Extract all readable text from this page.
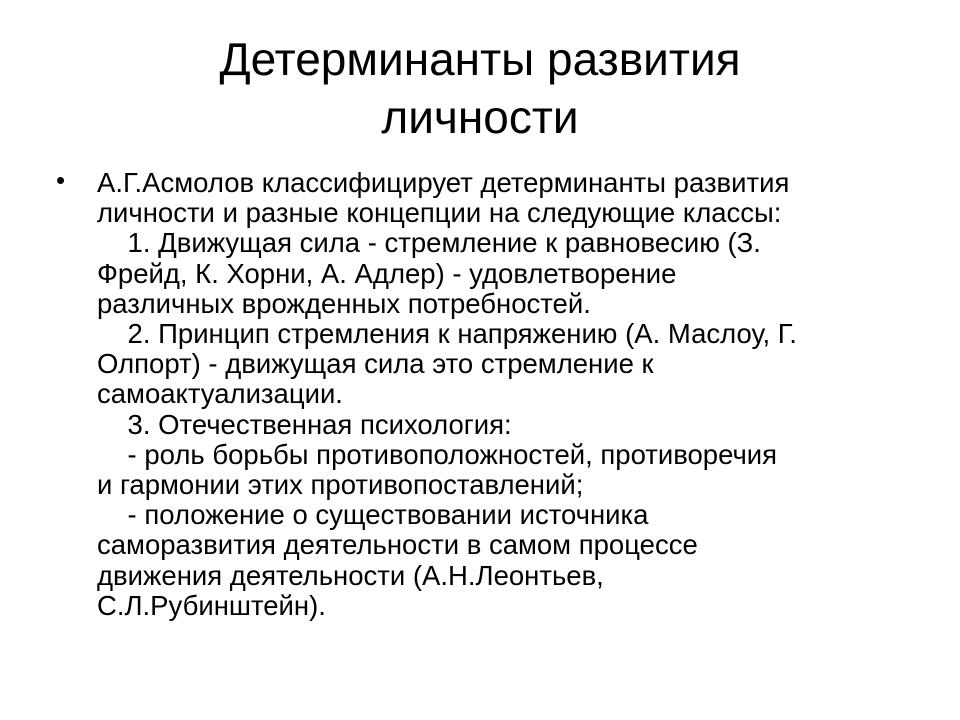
Детерминанты развития
личности
• А.Г.Асмолов классифицирует детерминанты развития
личности и разные концепции на следующие классы:
1. Движущая сила - стремление к равновесию (З.
Фрейд, К. Хорни, А. Адлер) - удовлетворение
различных врожденных потребностей.
2. Принцип стремления к напряжению (А. Маслоу, Г.
Олпорт) - движущая сила это стремление к
самоактуализации.
3. Отечественная психология:
- роль борьбы противоположностей, противоречия
и гармонии этих противопоставлений;
- положение о существовании источника
саморазвития деятельности в самом процессе
движения деятельности (А.Н.Леонтьев,
С.Л.Рубинштейн).
